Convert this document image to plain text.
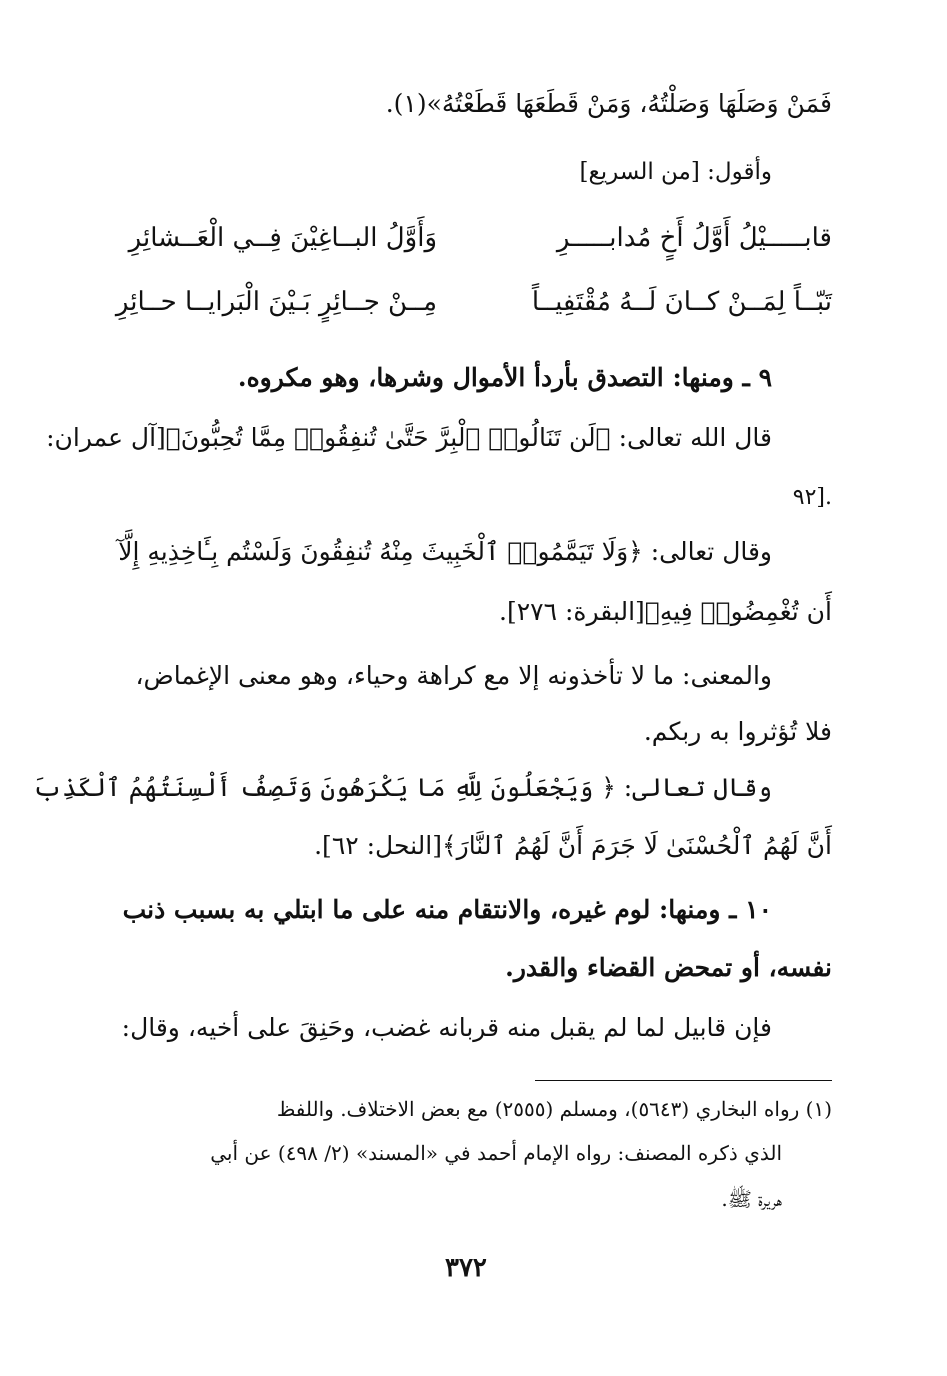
فَمَنْ وَصَلَهَا وَصَلْتُهُ، وَمَنْ قَطَعَهَا قَطَعْتُهُ»(١).
وأقول: [من السريع]
قابـــــيْلُ أَوَّلُ أَخٍ مُدابـــــرِ
وَأَوَّلُ البــاغِيْنَ فِــي الْعَــشائِرِ
تَبّــاً لِمَــنْ كــانَ لَــهُ مُقْتَفِيــاً
مِــنْ جــائِرٍ بَـيْنَ الْبَرايــا حــائِرِ
٩ ـ ومنها: التصدق بأردأ الأموال وشرها، وهو مكروه.
قال الله تعالى: ﴿لَن تَنَالُوا۟ ٱلْبِرَّ حَتَّىٰ تُنفِقُوا۟ مِمَّا تُحِبُّونَ﴾[آل عمران:
٩٢].
وقال تعالى: ﴿وَلَا تَيَمَّمُوا۟ ٱلْخَبِيثَ مِنْهُ تُنفِقُونَ وَلَسْتُم بِـَٔاخِذِيهِ إِلَّآ
أَن تُغْمِضُوا۟ فِيهِ﴾[البقرة: ٢٧٦].
والمعنى: ما لا تأخذونه إلا مع كراهة وحياء، وهو معنى الإغماض،
فلا تُؤثروا به ربكم.
وقال تعالى: ﴿ وَيَجْعَلُونَ لِلَّهِ مَا يَكْرَهُونَ وَتَصِفُ أَلْسِنَتُهُمُ ٱلْكَذِبَ
أَنَّ لَهُمُ ٱلْحُسْنَىٰ لَا جَرَمَ أَنَّ لَهُمُ ٱلنَّارَ﴾[النحل: ٦٢].
١٠ ـ ومنها: لوم غيره، والانتقام منه على ما ابتلي به بسبب ذنب
نفسه، أو تمحض القضاء والقدر.
فإن قابيل لما لم يقبل منه قربانه غضب، وحَنِقَ على أخيه، وقال:
(١) رواه البخاري (٥٦٤٣)، ومسلم (٢٥٥٥) مع بعض الاختلاف. واللفظ
الذي ذكره المصنف: رواه الإمام أحمد في «المسند» (٢/ ٤٩٨) عن أبي
هريرة ﷺ.
٣٧٢
